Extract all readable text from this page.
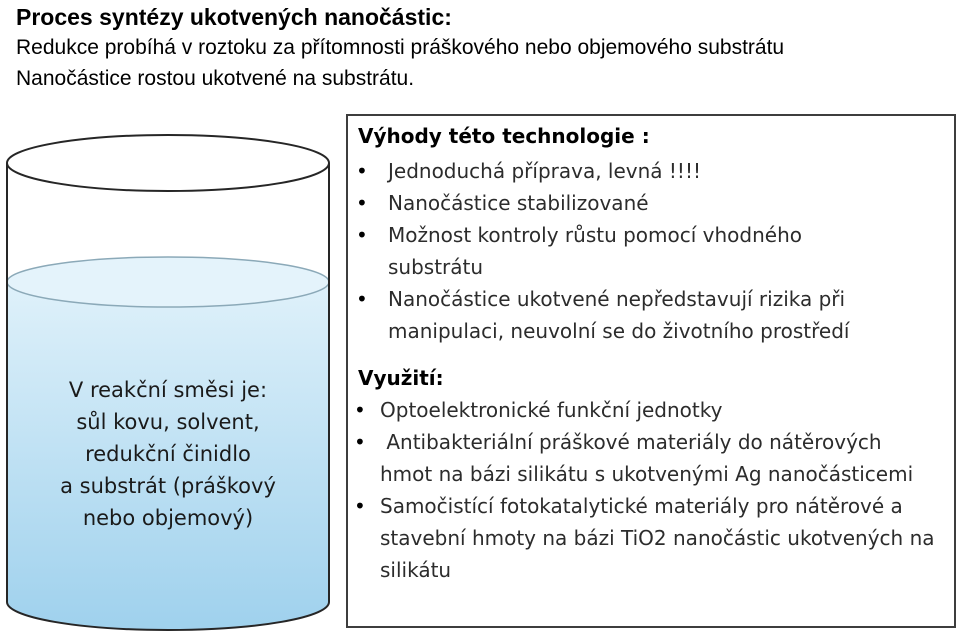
Proces syntézy ukotvených nanočástic:

Redukce probíhá v roztoku za přítomnosti práškového nebo objemového substrátu

Nanočástice rostou ukotvené na substrátu.

V reakční směsi je:
sůl kovu, solvent,
redukční činidlo
a substrát (práškový
nebo objemový)
Výhody této technologie :
• Jednoduchá příprava, levná !!!!
• Nanočástice stabilizované
• Možnost kontroly růstu pomocí vhodného substrátu
• Nanočástice ukotvené nepředstavují rizika při manipulaci, neuvolní se do životního prostředí
Využití:
• Optoelektronické funkční jednotky
•  Antibakteriální práškové materiály do nátěrových hmot na bázi silikátu s ukotvenými Ag nanočásticemi
• Samočistící fotokatalytické materiály pro nátěrové a stavební hmoty na bázi TiO2 nanočástic ukotvených na silikátu
